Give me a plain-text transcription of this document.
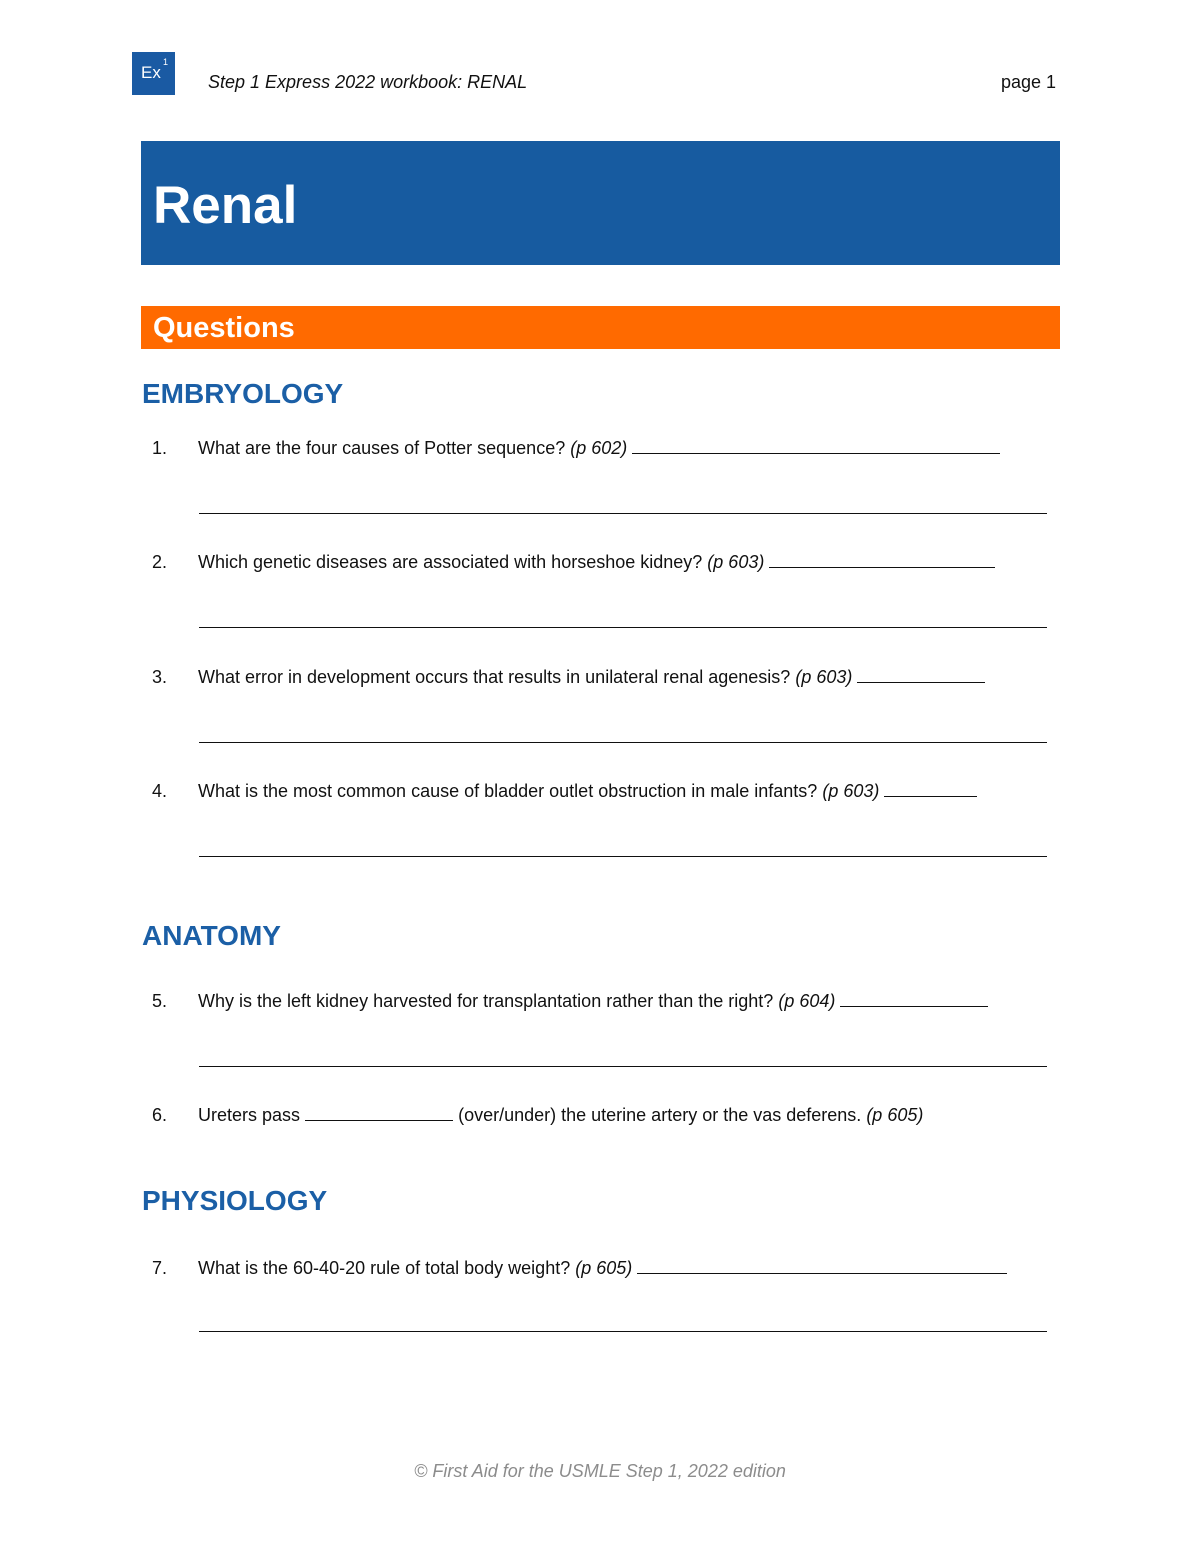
Ex
1
Step 1 Express 2022 workbook: RENAL	page 1
Renal
Questions
EMBRYOLOGY
1. What are the four causes of Potter sequence? (p 602)
2. Which genetic diseases are associated with horseshoe kidney? (p 603)
3. What error in development occurs that results in unilateral renal agenesis? (p 603)
4. What is the most common cause of bladder outlet obstruction in male infants? (p 603)
ANATOMY
5. Why is the left kidney harvested for transplantation rather than the right? (p 604)
6. Ureters pass	(over/under) the uterine artery or the vas deferens. (p 605)
PHYSIOLOGY
7. What is the 60-40-20 rule of total body weight? (p 605)
© First Aid for the USMLE Step 1, 2022 edition
